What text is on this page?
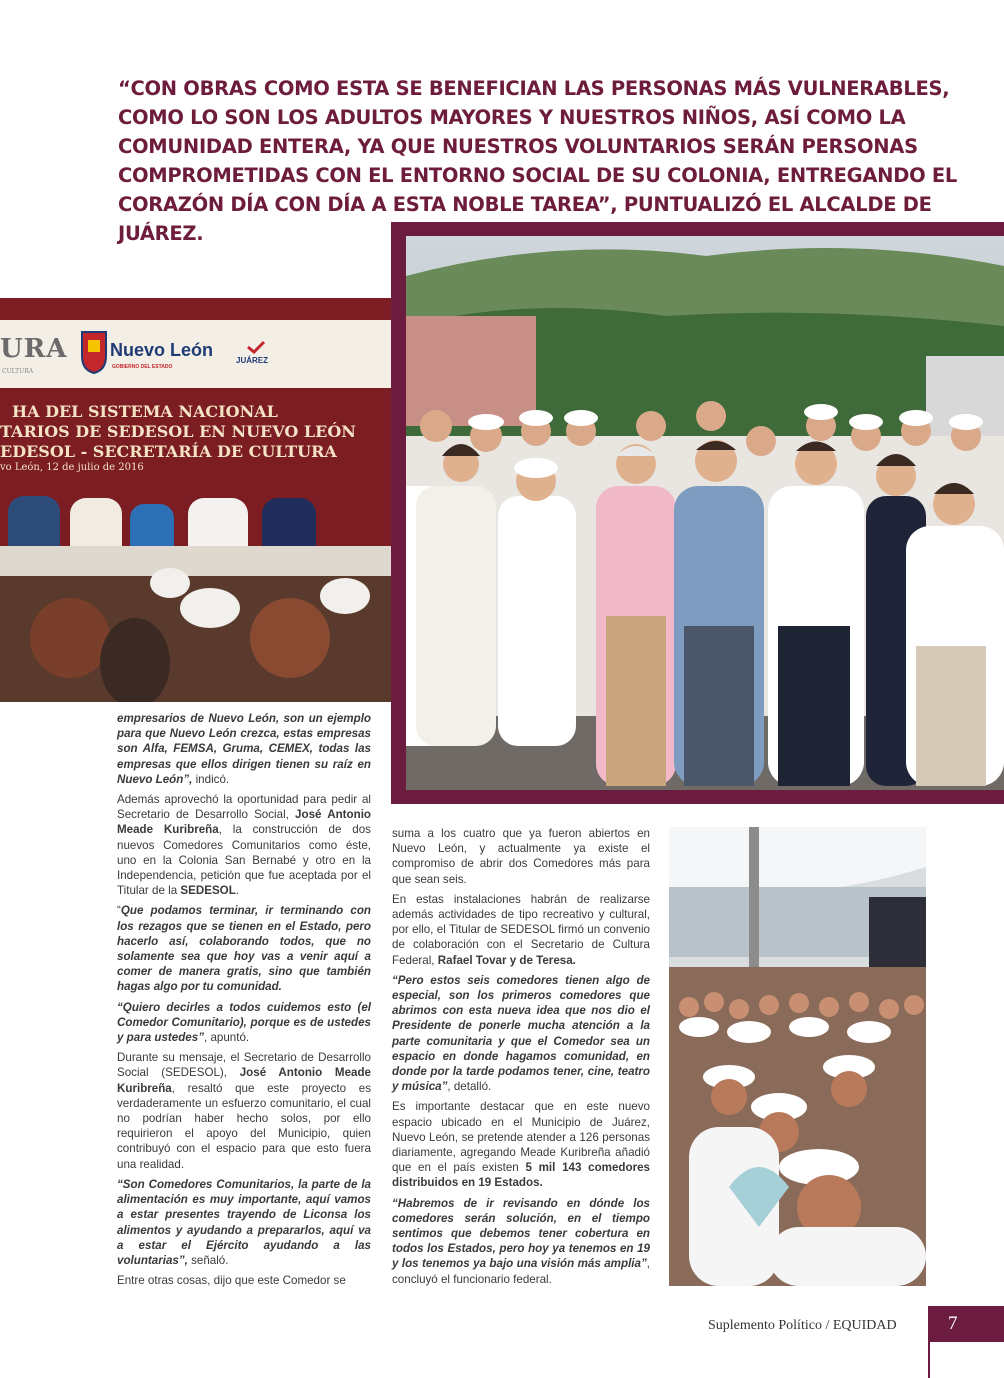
“CON OBRAS COMO ESTA SE BENEFICIAN LAS PERSONAS MÁS VULNERABLES, COMO LO SON LOS ADULTOS MAYORES Y NUESTROS NIÑOS, ASÍ COMO LA COMUNIDAD ENTERA, YA QUE NUESTROS VOLUNTARIOS SERÁN PERSONAS COMPROMETIDAS CON EL ENTORNO SOCIAL DE SU COLONIA, ENTREGANDO EL CORAZÓN DÍA CON DÍA A ESTA NOBLE TAREA”, PUNTUALIZÓ EL ALCALDE DE JUÁREZ.
URA
CULTURA
Nuevo León
GOBIERNO DEL ESTADO
JUÁREZ
HA DEL SISTEMA NACIONAL
TARIOS DE SEDESOL EN NUEVO LEÓN
EDESOL - SECRETARÍA DE CULTURA
vo León, 12 de julio de 2016

empresarios de Nuevo León, son un ejemplo para que Nuevo León crezca, estas empresas son Alfa, FEMSA, Gruma, CEMEX, todas las empresas que ellos dirigen tienen su raíz en Nuevo León”, indicó.

Además aprovechó la oportunidad para pedir al Secretario de Desarrollo Social, José Antonio Meade Kuribreña, la construcción de dos nuevos Comedores Comunitarios como éste, uno en la Colonia San Bernabé y otro en la Independencia, petición que fue aceptada por el Titular de la SEDESOL.

“Que podamos terminar, ir terminando con los rezagos que se tienen en el Estado, pero hacerlo así, colaborando todos, que no solamente sea que hoy vas a venir aquí a comer de manera gratis, sino que también hagas algo por tu comunidad.

“Quiero decirles a todos cuidemos esto (el Comedor Comunitario), porque es de ustedes y para ustedes”, apuntó.

Durante su mensaje, el Secretario de Desarrollo Social (SEDESOL), José Antonio Meade Kuribreña, resaltó que este proyecto es verdaderamente un esfuerzo comunitario, el cual no podrían haber hecho solos, por ello requirieron el apoyo del Municipio, quien contribuyó con el espacio para que esto fuera una realidad.

“Son Comedores Comunitarios, la parte de la alimentación es muy importante, aquí vamos a estar presentes trayendo de Liconsa los alimentos y ayudando a prepararlos, aquí va a estar el Ejército ayudando a las voluntarias”, señaló.

Entre otras cosas, dijo que este Comedor se

suma a los cuatro que ya fueron abiertos en Nuevo León, y actualmente ya existe el compromiso de abrir dos Comedores más para que sean seis.

En estas instalaciones habrán de realizarse además actividades de tipo recreativo y cultural, por ello, el Titular de SEDESOL firmó un convenio de colaboración con el Secretario de Cultura Federal, Rafael Tovar y de Teresa.

“Pero estos seis comedores tienen algo de especial, son los primeros comedores que abrimos con esta nueva idea que nos dio el Presidente de ponerle mucha atención a la parte comunitaria y que el Comedor sea un espacio en donde hagamos comunidad, en donde por la tarde podamos tener, cine, teatro y música”, detalló.

Es importante destacar que en este nuevo espacio ubicado en el Municipio de Juárez, Nuevo León, se pretende atender a 126 personas diariamente, agregando Meade Kuribreña añadió que en el país existen 5 mil 143 comedores distribuidos en 19 Estados.

“Habremos de ir revisando en dónde los comedores serán solución, en el tiempo sentimos que debemos tener cobertura en todos los Estados, pero hoy ya tenemos en 19 y los tenemos ya bajo una visión más amplia”, concluyó el funcionario federal.

Suplemento Político / EQUIDAD	7
